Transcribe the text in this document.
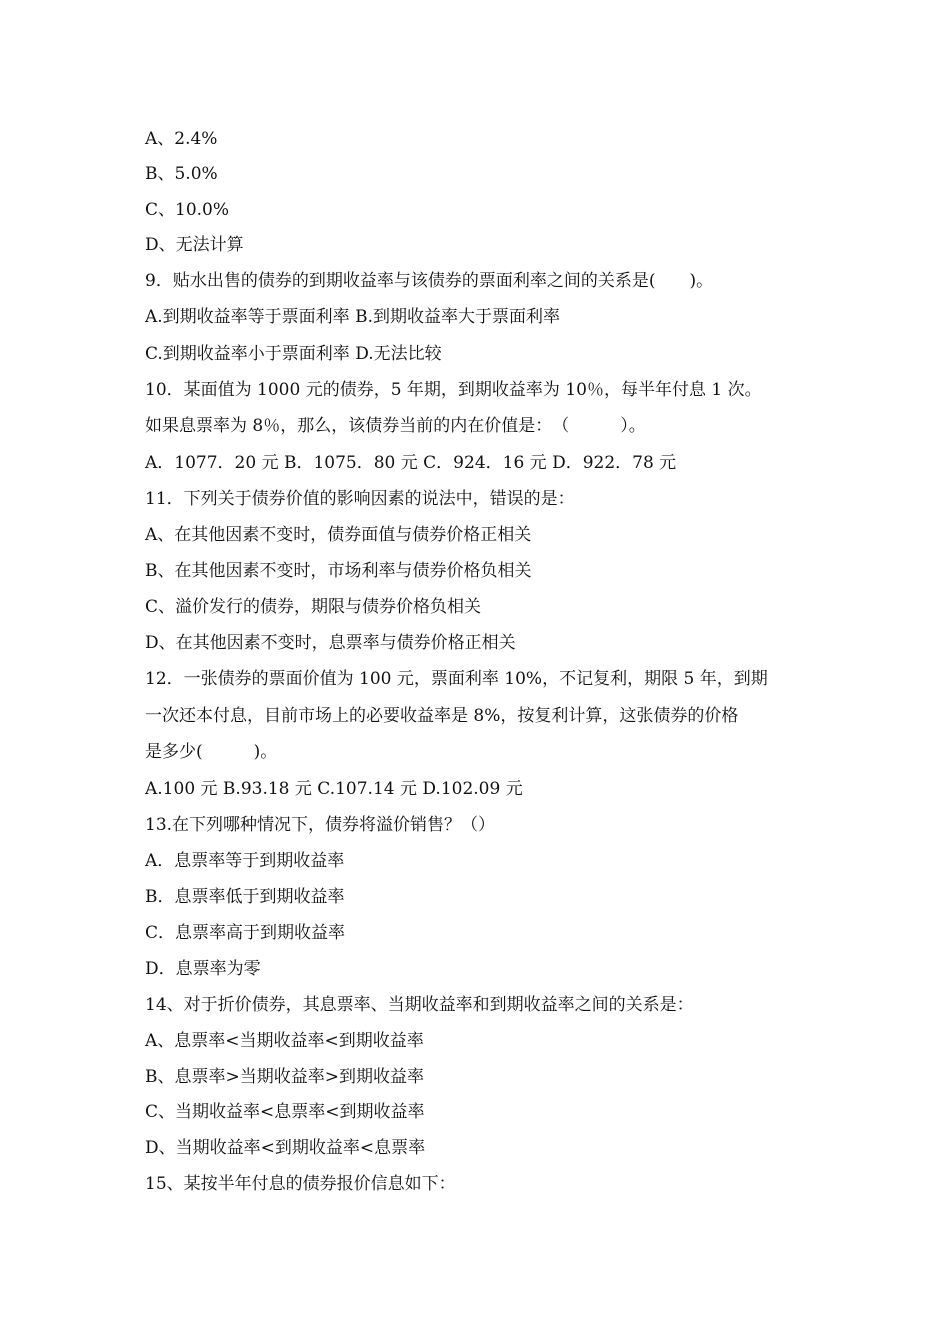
A、2.4%
B、5.0%
C、10.0%
D、无法计算
9．贴水出售的债券的到期收益率与该债券的票面利率之间的关系是(　　)。
A.到期收益率等于票面利率 B.到期收益率大于票面利率
C.到期收益率小于票面利率 D.无法比较
10．某面值为 1000 元的债券，5 年期，到期收益率为 10％，每半年付息 1 次。
如果息票率为 8％，那么，该债券当前的内在价值是：　（　　　）。
A．1077．20 元 B．1075．80 元 C．924．16 元 D．922．78 元
11．下列关于债券价值的影响因素的说法中，错误的是：
A、在其他因素不变时，债券面值与债券价格正相关
B、在其他因素不变时，市场利率与债券价格负相关
C、溢价发行的债券，期限与债券价格负相关
D、在其他因素不变时，息票率与债券价格正相关
12．一张债券的票面价值为 100 元，票面利率 10%，不记复利，期限 5 年，到期
一次还本付息，目前市场上的必要收益率是 8%，按复利计算，这张债券的价格
是多少(　　　)。
A.100 元 B.93.18 元 C.107.14 元 D.102.09 元
13.在下列哪种情况下，债券将溢价销售？（）
A．息票率等于到期收益率
B．息票率低于到期收益率
C．息票率高于到期收益率
D．息票率为零
14、对于折价债券，其息票率、当期收益率和到期收益率之间的关系是：
A、息票率<当期收益率<到期收益率
B、息票率>当期收益率>到期收益率
C、当期收益率<息票率<到期收益率
D、当期收益率<到期收益率<息票率
15、某按半年付息的债券报价信息如下：
